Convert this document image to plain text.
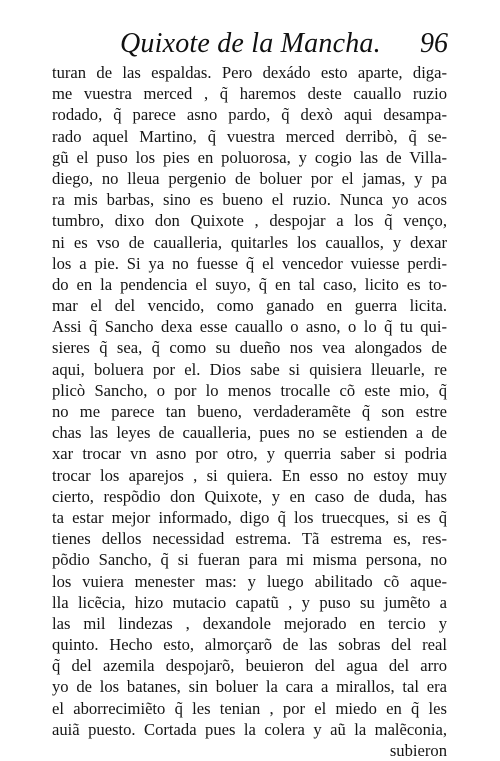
Quixote de la Mancha. 96
turan de las espaldas. Pero dexádo esto aparte, diga-
me vuestra merced , q̃ haremos deste cauallo ruzio
rodado, q̃ parece asno pardo, q̃ dexò aqui desampa-
rado aquel Martino, q̃ vuestra merced derribò, q̃ se-
gũ el puso los pies en poluorosa, y cogio las de Villa-
diego, no lleua pergenio de boluer por el jamas, y pa
ra mis barbas, sino es bueno el ruzio. Nunca yo acos
tumbro, dixo don Quixote , despojar a los q̃ venço,
ni es vso de caualleria, quitarles los cauallos, y dexar
los a pie. Si ya no fuesse q̃ el vencedor vuiesse perdi-
do en la pendencia el suyo, q̃ en tal caso, licito es to-
mar el del vencido, como ganado en guerra licita.
Assi q̃ Sancho dexa esse cauallo o asno, o lo q̃ tu qui-
sieres q̃ sea, q̃ como su dueño nos vea alongados de
aqui, boluera por el. Dios sabe si quisiera lleuarle, re
plicò Sancho, o por lo menos trocalle cõ este mio, q̃
no me parece tan bueno, verdaderamẽte q̃ son estre
chas las leyes de caualleria, pues no se estienden a de
xar trocar vn asno por otro, y querria saber si podria
trocar los aparejos , si quiera. En esso no estoy muy
cierto, respõdio don Quixote, y en caso de duda, has
ta estar mejor informado, digo q̃ los truecques, si es q̃
tienes dellos necessidad estrema. Tã estrema es, res-
põdio Sancho, q̃ si fueran para mi misma persona, no
los vuiera menester mas: y luego abilitado cõ aque-
lla licẽcia, hizo mutacio capatũ , y puso su jumẽto a
las mil lindezas , dexandole mejorado en tercio y
quinto. Hecho esto, almorçarõ de las sobras del real
q̃ del azemila despojarõ, beuieron del agua del arro
yo de los batanes, sin boluer la cara a mirallos, tal era
el aborrecimiẽto q̃ les tenian , por el miedo en q̃ les
auiã puesto. Cortada pues la colera y aũ la malẽconia,
subieron
